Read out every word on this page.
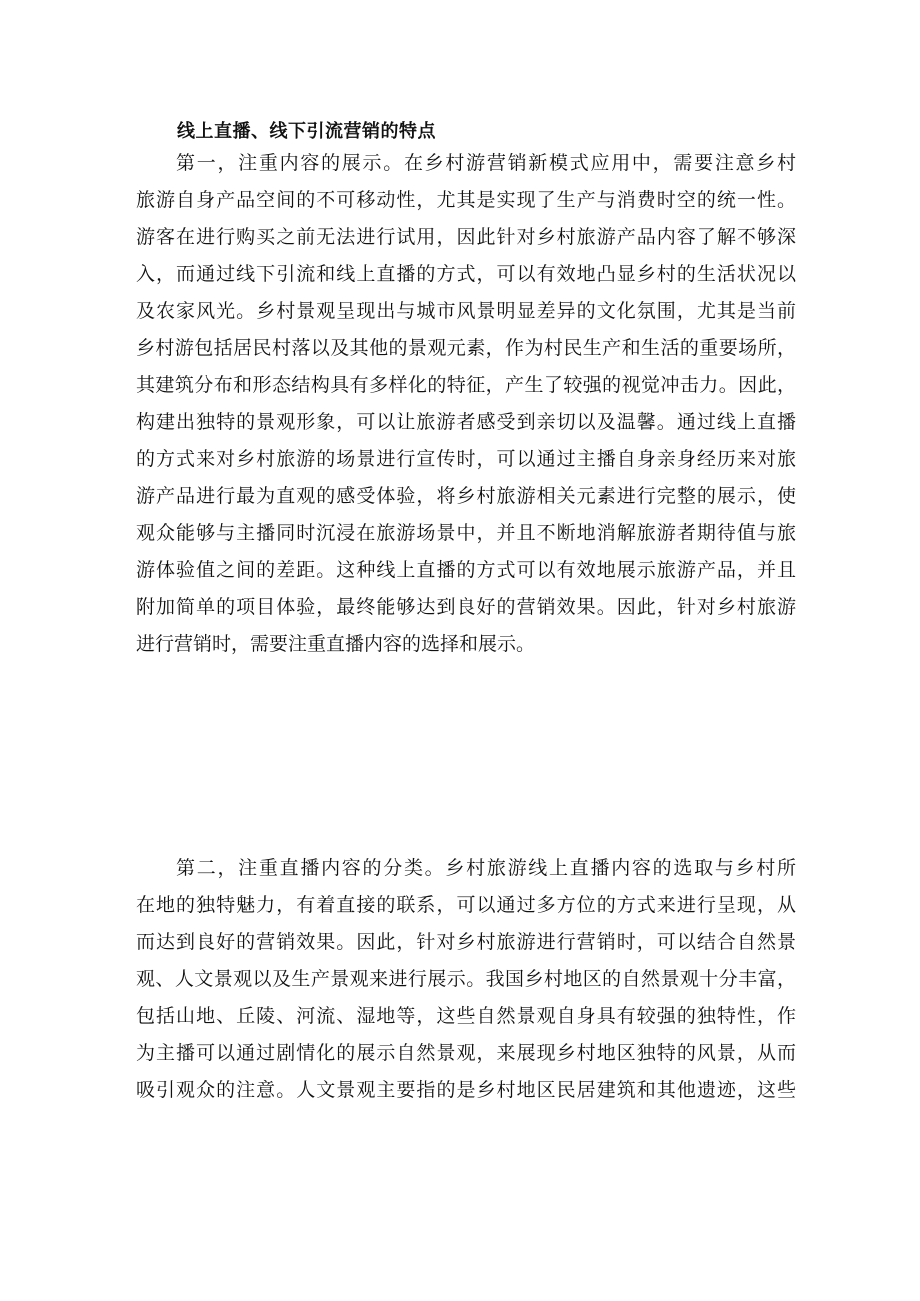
线上直播、线下引流营销的特点
第一，注重内容的展示。在乡村游营销新模式应用中，需要注意乡村
旅游自身产品空间的不可移动性，尤其是实现了生产与消费时空的统一性。
游客在进行购买之前无法进行试用，因此针对乡村旅游产品内容了解不够深
入，而通过线下引流和线上直播的方式，可以有效地凸显乡村的生活状况以
及农家风光。乡村景观呈现出与城市风景明显差异的文化氛围，尤其是当前
乡村游包括居民村落以及其他的景观元素，作为村民生产和生活的重要场所，
其建筑分布和形态结构具有多样化的特征，产生了较强的视觉冲击力。因此，
构建出独特的景观形象，可以让旅游者感受到亲切以及温馨。通过线上直播
的方式来对乡村旅游的场景进行宣传时，可以通过主播自身亲身经历来对旅
游产品进行最为直观的感受体验，将乡村旅游相关元素进行完整的展示，使
观众能够与主播同时沉浸在旅游场景中，并且不断地消解旅游者期待值与旅
游体验值之间的差距。这种线上直播的方式可以有效地展示旅游产品，并且
附加简单的项目体验，最终能够达到良好的营销效果。因此，针对乡村旅游
进行营销时，需要注重直播内容的选择和展示。
第二，注重直播内容的分类。乡村旅游线上直播内容的选取与乡村所
在地的独特魅力，有着直接的联系，可以通过多方位的方式来进行呈现，从
而达到良好的营销效果。因此，针对乡村旅游进行营销时，可以结合自然景
观、人文景观以及生产景观来进行展示。我国乡村地区的自然景观十分丰富，
包括山地、丘陵、河流、湿地等，这些自然景观自身具有较强的独特性，作
为主播可以通过剧情化的展示自然景观，来展现乡村地区独特的风景，从而
吸引观众的注意。人文景观主要指的是乡村地区民居建筑和其他遗迹，这些
